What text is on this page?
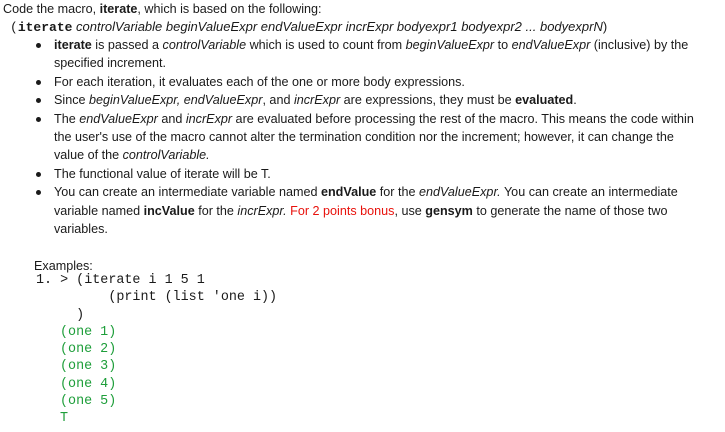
Code the macro, iterate, which is based on the following:
(iterate controlVariable beginValueExpr endValueExpr incrExpr bodyexpr1 bodyexpr2 ... bodyexprN)
iterate is passed a controlVariable which is used to count from beginValueExpr to endValueExpr (inclusive) by the specified increment.
For each iteration, it evaluates each of the one or more body expressions.
Since beginValueExpr, endValueExpr, and incrExpr are expressions, they must be evaluated.
The endValueExpr and incrExpr are evaluated before processing the rest of the macro. This means the code within the user's use of the macro cannot alter the termination condition nor the increment; however, it can change the value of the controlVariable.
The functional value of iterate will be T.
You can create an intermediate variable named endValue for the endValueExpr. You can create an intermediate variable named incValue for the incrExpr. For 2 points bonus, use gensym to generate the name of those two variables.
Examples:
1. > (iterate i 1 5 1
(print (list 'one i))
)
(one 1)
(one 2)
(one 3)
(one 4)
(one 5)
T
